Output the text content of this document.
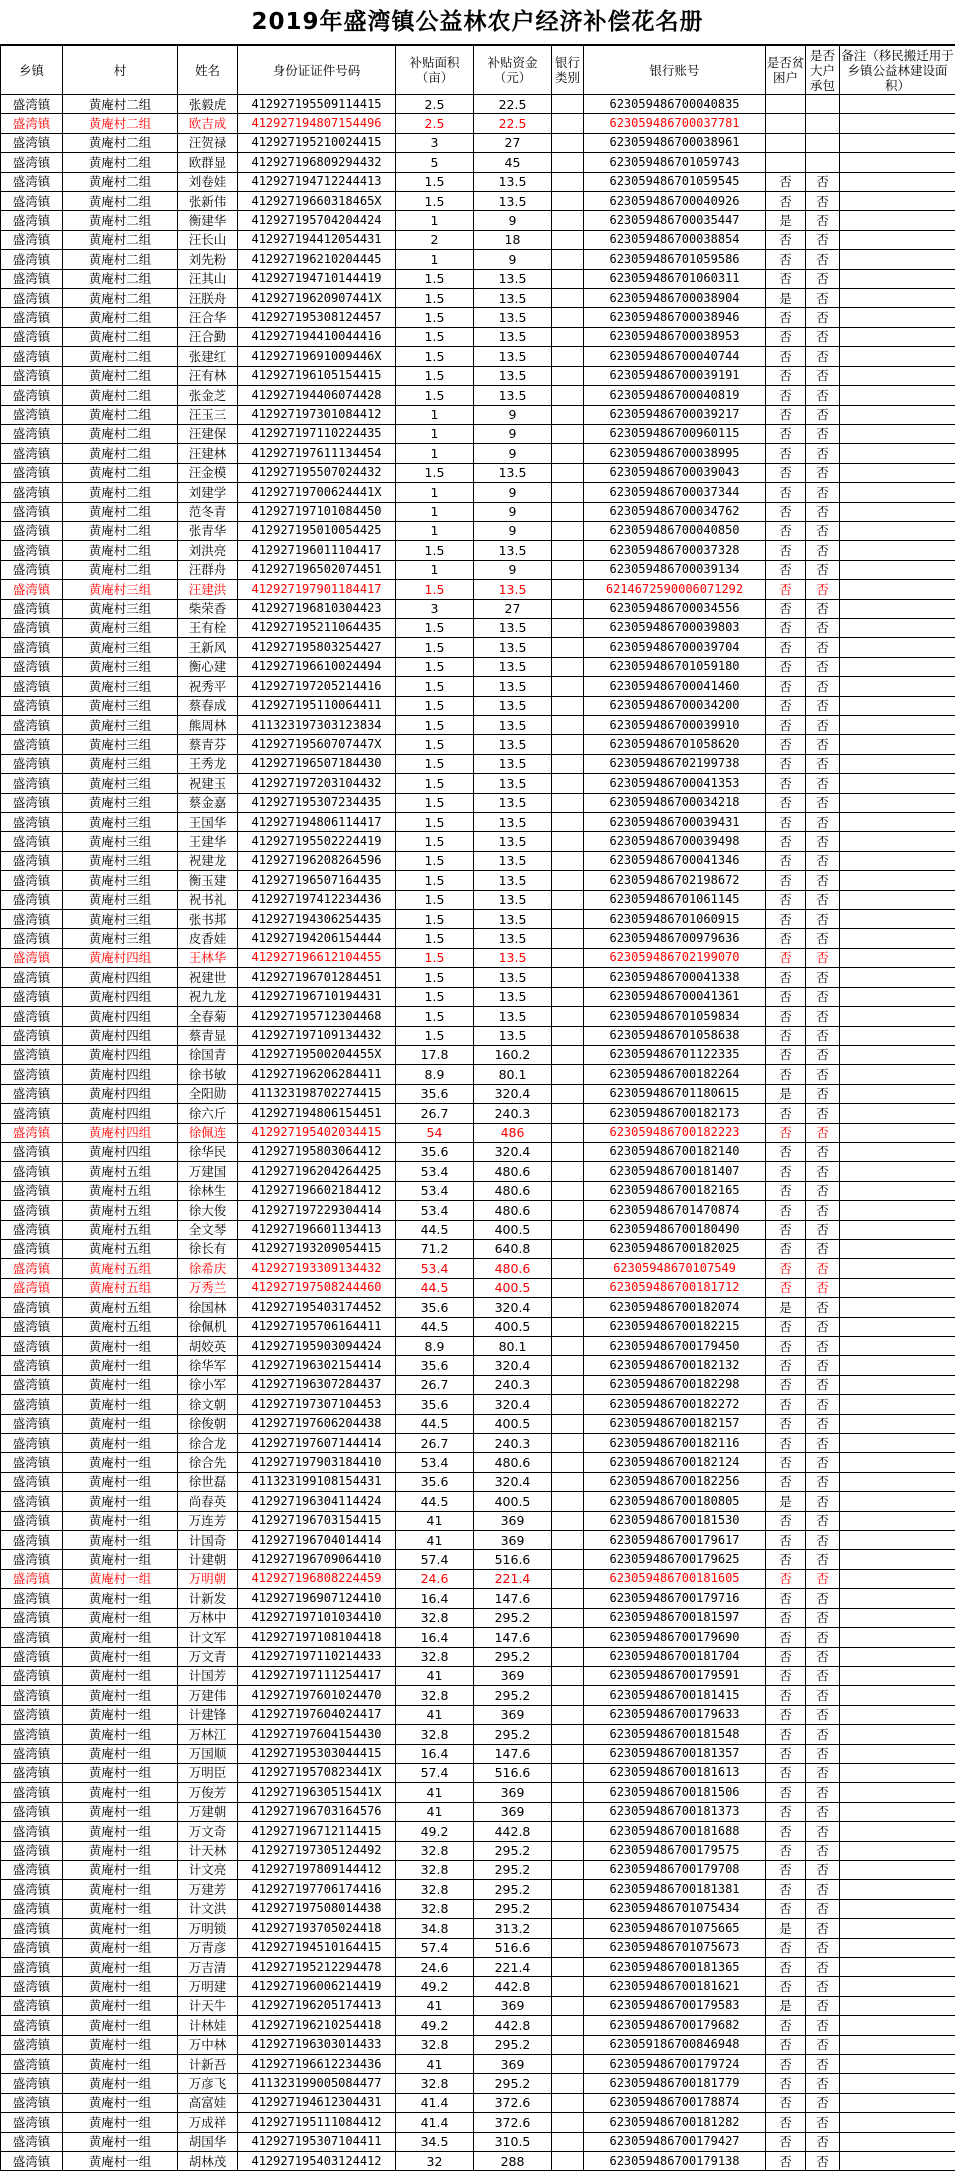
2019年盛湾镇公益林农户经济补偿花名册
乡镇	村	姓名	身份证证件号码	补贴面积（亩）	补贴资金（元）	银行类别	银行账号	是否贫困户	是否大户承包	备注（移民搬迁用于乡镇公益林建设面积）
盛湾镇	黄庵村二组	张毅虎	412927195509114415	2.5	22.5		623059486700040835			
盛湾镇	黄庵村二组	欧吉成	412927194807154496	2.5	22.5		623059486700037781			
盛湾镇	黄庵村二组	汪贺禄	412927195210024415	3	27		623059486700038961			
盛湾镇	黄庵村二组	欧群显	412927196809294432	5	45		623059486701059743			
盛湾镇	黄庵村二组	刘卷娃	412927194712244413	1.5	13.5		623059486701059545	否	否	
盛湾镇	黄庵村二组	张新伟	41292719660318465X	1.5	13.5		623059486700040926	否	否	
盛湾镇	黄庵村二组	衡建华	412927195704204424	1	9		623059486700035447	是	否	
盛湾镇	黄庵村二组	汪长山	412927194412054431	2	18		623059486700038854	否	否	
盛湾镇	黄庵村二组	刘先粉	412927196210204445	1	9		623059486701059586	否	否	
盛湾镇	黄庵村二组	汪其山	412927194710144419	1.5	13.5		623059486701060311	否	否	
盛湾镇	黄庵村二组	汪朕舟	41292719620907441X	1.5	13.5		623059486700038904	是	否	
盛湾镇	黄庵村二组	汪合华	412927195308124457	1.5	13.5		623059486700038946	否	否	
盛湾镇	黄庵村二组	汪合勤	412927194410044416	1.5	13.5		623059486700038953	否	否	
盛湾镇	黄庵村二组	张建红	41292719691009446X	1.5	13.5		623059486700040744	否	否	
盛湾镇	黄庵村二组	汪有林	412927196105154415	1.5	13.5		623059486700039191	否	否	
盛湾镇	黄庵村二组	张金芝	412927194406074428	1.5	13.5		623059486700040819	否	否	
盛湾镇	黄庵村二组	汪玉三	412927197301084412	1	9		623059486700039217	否	否	
盛湾镇	黄庵村二组	汪建保	412927197110224435	1	9		623059486700960115	否	否	
盛湾镇	黄庵村二组	汪建林	412927197611134454	1	9		623059486700038995	否	否	
盛湾镇	黄庵村二组	汪金模	412927195507024432	1.5	13.5		623059486700039043	否	否	
盛湾镇	黄庵村二组	刘建学	41292719700624441X	1	9		623059486700037344	否	否	
盛湾镇	黄庵村二组	范冬青	412927197101084450	1	9		623059486700034762	否	否	
盛湾镇	黄庵村二组	张青华	412927195010054425	1	9		623059486700040850	否	否	
盛湾镇	黄庵村二组	刘洪亮	412927196011104417	1.5	13.5		623059486700037328	否	否	
盛湾镇	黄庵村二组	汪群舟	412927196502074451	1	9		623059486700039134	否	否	
盛湾镇	黄庵村三组	汪建洪	412927197901184417	1.5	13.5		6214672590006071292	否	否	
盛湾镇	黄庵村三组	柴荣香	412927196810304423	3	27		623059486700034556	否	否	
盛湾镇	黄庵村三组	王有栓	412927195211064435	1.5	13.5		623059486700039803	否	否	
盛湾镇	黄庵村三组	王新风	412927195803254427	1.5	13.5		623059486700039704	否	否	
盛湾镇	黄庵村三组	衡心建	412927196610024494	1.5	13.5		623059486701059180	否	否	
盛湾镇	黄庵村三组	祝秀平	412927197205214416	1.5	13.5		623059486700041460	否	否	
盛湾镇	黄庵村三组	蔡春成	412927195110064411	1.5	13.5		623059486700034200	否	否	
盛湾镇	黄庵村三组	熊周林	411323197303123834	1.5	13.5		623059486700039910	否	否	
盛湾镇	黄庵村三组	蔡青芬	41292719560707447X	1.5	13.5		623059486701058620	否	否	
盛湾镇	黄庵村三组	王秀龙	412927196507184430	1.5	13.5		623059486702199738	否	否	
盛湾镇	黄庵村三组	祝建玉	412927197203104432	1.5	13.5		623059486700041353	否	否	
盛湾镇	黄庵村三组	蔡金嘉	412927195307234435	1.5	13.5		623059486700034218	否	否	
盛湾镇	黄庵村三组	王国华	412927194806114417	1.5	13.5		623059486700039431	否	否	
盛湾镇	黄庵村三组	王建华	412927195502224419	1.5	13.5		623059486700039498	否	否	
盛湾镇	黄庵村三组	祝建龙	412927196208264596	1.5	13.5		623059486700041346	否	否	
盛湾镇	黄庵村三组	衡玉建	412927196507164435	1.5	13.5		623059486702198672	否	否	
盛湾镇	黄庵村三组	祝书礼	412927197412234436	1.5	13.5		623059486701061145	否	否	
盛湾镇	黄庵村三组	张书邦	412927194306254435	1.5	13.5		623059486701060915	否	否	
盛湾镇	黄庵村三组	皮香娃	412927194206154444	1.5	13.5		623059486700979636	否	否	
盛湾镇	黄庵村四组	王林华	412927196612104455	1.5	13.5		623059486702199070	否	否	
盛湾镇	黄庵村四组	祝建世	412927196701284451	1.5	13.5		623059486700041338	否	否	
盛湾镇	黄庵村四组	祝九龙	412927196710194431	1.5	13.5		623059486700041361	否	否	
盛湾镇	黄庵村四组	全春菊	412927195712304468	1.5	13.5		623059486701059834	否	否	
盛湾镇	黄庵村四组	蔡青显	412927197109134432	1.5	13.5		623059486701058638	否	否	
盛湾镇	黄庵村四组	徐国青	41292719500204455X	17.8	160.2		623059486701122335	否	否	
盛湾镇	黄庵村四组	徐书敏	412927196206284411	8.9	80.1		623059486700182264	否	否	
盛湾镇	黄庵村四组	全阳勋	411323198702274415	35.6	320.4		623059486701180615	是	否	
盛湾镇	黄庵村四组	徐六斤	412927194806154451	26.7	240.3		623059486700182173	否	否	
盛湾镇	黄庵村四组	徐佩连	412927195402034415	54	486		623059486700182223	否	否	
盛湾镇	黄庵村四组	徐华民	412927195803064412	35.6	320.4		623059486700182140	否	否	
盛湾镇	黄庵村五组	万建国	412927196204264425	53.4	480.6		623059486700181407	否	否	
盛湾镇	黄庵村五组	徐林生	412927196602184412	53.4	480.6		623059486700182165	否	否	
盛湾镇	黄庵村五组	徐大俊	412927197229304414	53.4	480.6		623059486701470874	否	否	
盛湾镇	黄庵村五组	全文琴	412927196601134413	44.5	400.5		623059486700180490	否	否	
盛湾镇	黄庵村五组	徐长有	412927193209054415	71.2	640.8		623059486700182025	否	否	
盛湾镇	黄庵村五组	徐希庆	412927193309134432	53.4	480.6		62305948670107549	否	否	
盛湾镇	黄庵村五组	万秀兰	412927197508244460	44.5	400.5		623059486700181712	否	否	
盛湾镇	黄庵村五组	徐国林	412927195403174452	35.6	320.4		623059486700182074	是	否	
盛湾镇	黄庵村五组	徐佩机	412927195706164411	44.5	400.5		623059486700182215	否	否	
盛湾镇	黄庵村一组	胡姣英	412927195903094424	8.9	80.1		623059486700179450	否	否	
盛湾镇	黄庵村一组	徐华军	412927196302154414	35.6	320.4		623059486700182132	否	否	
盛湾镇	黄庵村一组	徐小军	412927196307284437	26.7	240.3		623059486700182298	否	否	
盛湾镇	黄庵村一组	徐文朝	412927197307104453	35.6	320.4		623059486700182272	否	否	
盛湾镇	黄庵村一组	徐俊朝	412927197606204438	44.5	400.5		623059486700182157	否	否	
盛湾镇	黄庵村一组	徐合龙	412927197607144414	26.7	240.3		623059486700182116	否	否	
盛湾镇	黄庵村一组	徐合先	412927197903184410	53.4	480.6		623059486700182124	否	否	
盛湾镇	黄庵村一组	徐世磊	411323199108154431	35.6	320.4		623059486700182256	否	否	
盛湾镇	黄庵村一组	尚春英	412927196304114424	44.5	400.5		623059486700180805	是	否	
盛湾镇	黄庵村一组	万连芳	412927196703154415	41	369		623059486700181530	否	否	
盛湾镇	黄庵村一组	计国奇	412927196704014414	41	369		623059486700179617	否	否	
盛湾镇	黄庵村一组	计建朝	412927196709064410	57.4	516.6		623059486700179625	否	否	
盛湾镇	黄庵村一组	万明朝	412927196808224459	24.6	221.4		623059486700181605	否	否	
盛湾镇	黄庵村一组	计新发	412927196907124410	16.4	147.6		623059486700179716	否	否	
盛湾镇	黄庵村一组	万林中	412927197101034410	32.8	295.2		623059486700181597	否	否	
盛湾镇	黄庵村一组	计文军	412927197108104418	16.4	147.6		623059486700179690	否	否	
盛湾镇	黄庵村一组	万文青	412927197110214433	32.8	295.2		623059486700181704	否	否	
盛湾镇	黄庵村一组	计国芳	412927197111254417	41	369		623059486700179591	否	否	
盛湾镇	黄庵村一组	万建伟	412927197601024470	32.8	295.2		623059486700181415	否	否	
盛湾镇	黄庵村一组	计建锋	412927197604024417	41	369		623059486700179633	否	否	
盛湾镇	黄庵村一组	万林江	412927197604154430	32.8	295.2		623059486700181548	否	否	
盛湾镇	黄庵村一组	万国顺	412927195303044415	16.4	147.6		623059486700181357	否	否	
盛湾镇	黄庵村一组	万明臣	41292719570823441X	57.4	516.6		623059486700181613	否	否	
盛湾镇	黄庵村一组	万俊芳	41292719630515441X	41	369		623059486700181506	否	否	
盛湾镇	黄庵村一组	万建朝	412927196703164576	41	369		623059486700181373	否	否	
盛湾镇	黄庵村一组	万文奇	412927196712114415	49.2	442.8		623059486700181688	否	否	
盛湾镇	黄庵村一组	计天林	412927197305124492	32.8	295.2		623059486700179575	否	否	
盛湾镇	黄庵村一组	计文亮	412927197809144412	32.8	295.2		623059486700179708	否	否	
盛湾镇	黄庵村一组	万建芳	412927197706174416	32.8	295.2		623059486700181381	否	否	
盛湾镇	黄庵村一组	计文洪	412927197508014438	32.8	295.2		623059486701075434	否	否	
盛湾镇	黄庵村一组	万明锁	412927193705024418	34.8	313.2		623059486701075665	是	否	
盛湾镇	黄庵村一组	万青彦	412927194510164415	57.4	516.6		623059486701075673	否	否	
盛湾镇	黄庵村一组	万吉清	412927195212294478	24.6	221.4		623059486700181365	否	否	
盛湾镇	黄庵村一组	万明建	412927196006214419	49.2	442.8		623059486700181621	否	否	
盛湾镇	黄庵村一组	计天牛	412927196205174413	41	369		623059486700179583	是	否	
盛湾镇	黄庵村一组	计林娃	412927196210254418	49.2	442.8		623059486700179682	否	否	
盛湾镇	黄庵村一组	万中林	412927196303014433	32.8	295.2		623059186700846948	否	否	
盛湾镇	黄庵村一组	计新吾	412927196612234436	41	369		623059486700179724	否	否	
盛湾镇	黄庵村一组	万彦飞	411323199005084477	32.8	295.2		623059486700181779	否	否	
盛湾镇	黄庵村一组	高富娃	412927194612304431	41.4	372.6		623059486700178874	否	否	
盛湾镇	黄庵村一组	万成祥	412927195111084412	41.4	372.6		623059486700181282	否	否	
盛湾镇	黄庵村一组	胡国华	412927195307104411	34.5	310.5		623059486700179427	否	否	
盛湾镇	黄庵村一组	胡林茂	412927195403124412	32	288		623059486700179138	否	否	
